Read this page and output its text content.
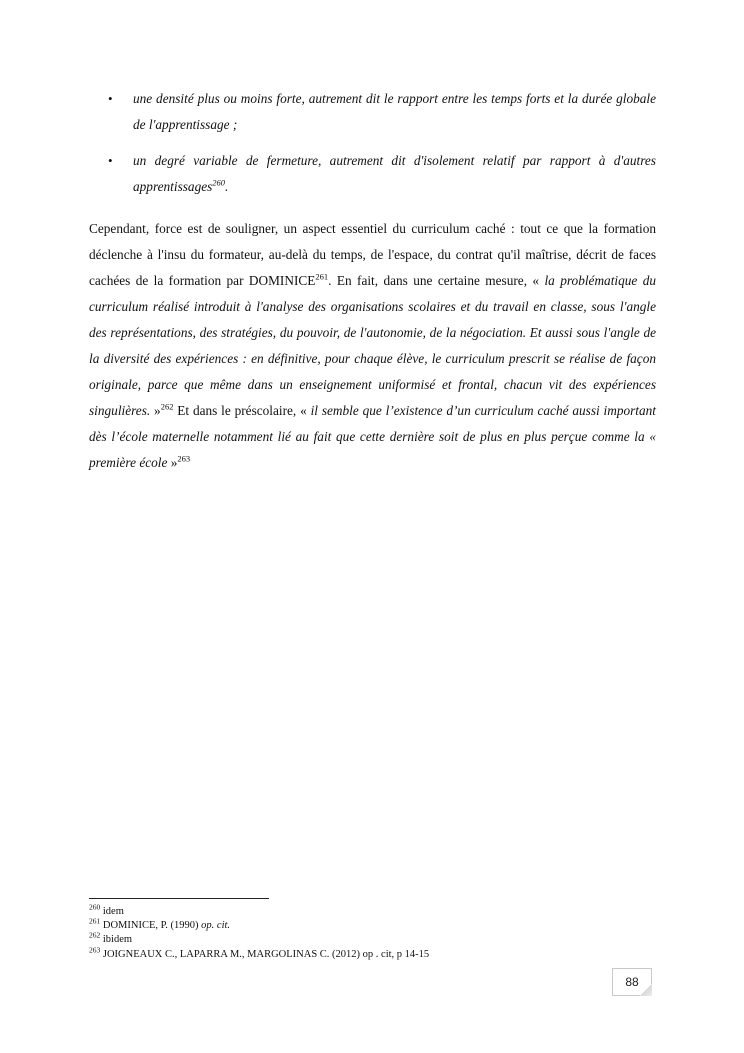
• une densité plus ou moins forte, autrement dit le rapport entre les temps forts et la durée globale de l'apprentissage ;
• un degré variable de fermeture, autrement dit d'isolement relatif par rapport à d'autres apprentissages$^{260}$.

Cependant, force est de souligner, un aspect essentiel du curriculum caché : tout ce que la formation déclenche à l'insu du formateur, au-delà du temps, de l'espace, du contrat qu'il maîtrise, décrit de faces cachées de la formation par DOMINICE$^{261}$. En fait, dans une certaine mesure, « la problématique du curriculum réalisé introduit à l'analyse des organisations scolaires et du travail en classe, sous l'angle des représentations, des stratégies, du pouvoir, de l'autonomie, de la négociation. Et aussi sous l'angle de la diversité des expériences : en définitive, pour chaque élève, le curriculum prescrit se réalise de façon originale, parce que même dans un enseignement uniformisé et frontal, chacun vit des expériences singulières. »$^{262}$ Et dans le préscolaire, « il semble que l’existence d’un curriculum caché aussi important dès l’école maternelle notamment lié au fait que cette dernière soit de plus en plus perçue comme la « première école »$^{263}$

$^{260}$ idem
$^{261}$ DOMINICE, P. (1990) op. cit.
$^{262}$ ibidem
$^{263}$ JOIGNEAUX C., LAPARRA M., MARGOLINAS C. (2012) op . cit, p 14-15
88
